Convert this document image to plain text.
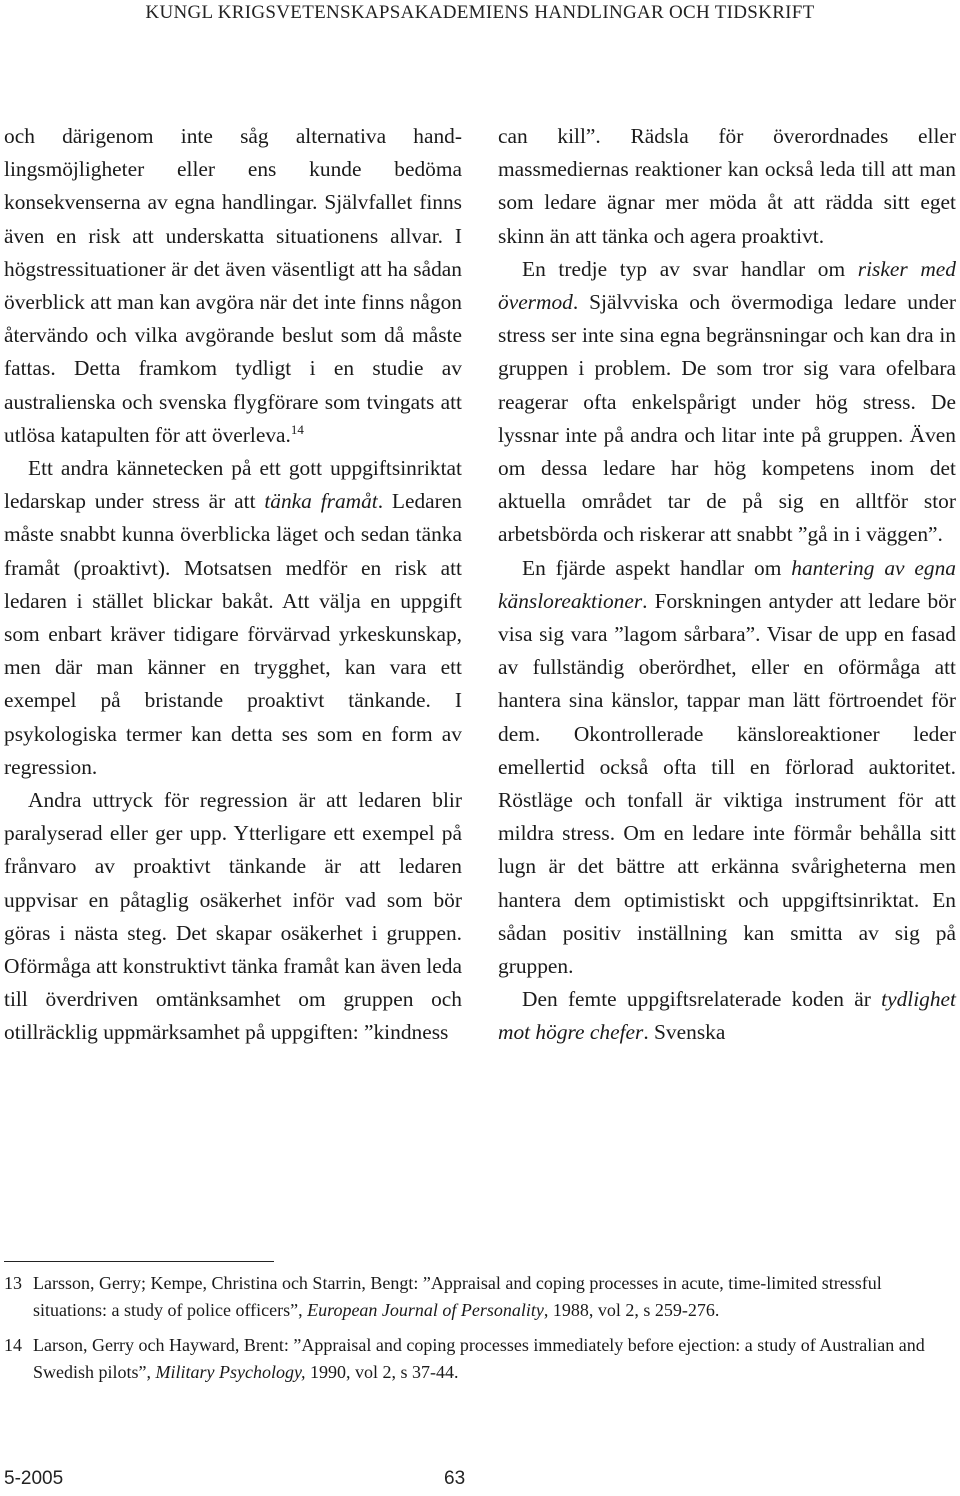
KUNGL KRIGSVETENSKAPSAKADEMIENS HANDLINGAR OCH TIDSKRIFT

och därigenom inte såg alternativa handlingsmöjligheter eller ens kunde bedöma konsekvenserna av egna handlingar. Självfallet finns även en risk att underskatta situationens allvar. I högstressituationer är det även väsentligt att ha sådan överblick att man kan avgöra när det inte finns någon återvändo och vilka avgörande beslut som då måste fattas. Detta framkom tydligt i en studie av australienska och svenska flygförare som tvingats att utlösa katapulten för att överleva.$^{14}$

Ett andra kännetecken på ett gott uppgiftsinriktat ledarskap under stress är att tänka framåt. Ledaren måste snabbt kunna överblicka läget och sedan tänka framåt (proaktivt). Motsatsen medför en risk att ledaren i stället blickar bakåt. Att välja en uppgift som enbart kräver tidigare förvärvad yrkeskunskap, men där man känner en trygghet, kan vara ett exempel på bristande proaktivt tänkande. I psykologiska termer kan detta ses som en form av regression.

Andra uttryck för regression är att ledaren blir paralyserad eller ger upp. Ytterligare ett exempel på frånvaro av proaktivt tänkande är att ledaren uppvisar en påtaglig osäkerhet inför vad som bör göras i nästa steg. Det skapar osäkerhet i gruppen. Oförmåga att konstruktivt tänka framåt kan även leda till överdriven omtänksamhet om gruppen och otillräcklig uppmärksamhet på uppgiften: ”kindness

can kill”. Rädsla för överordnades eller massmediernas reaktioner kan också leda till att man som ledare ägnar mer möda åt att rädda sitt eget skinn än att tänka och agera proaktivt.

En tredje typ av svar handlar om risker med övermod. Självviska och övermodiga ledare under stress ser inte sina egna begränsningar och kan dra in gruppen i problem. De som tror sig vara ofelbara reagerar ofta enkelspårigt under hög stress. De lyssnar inte på andra och litar inte på gruppen. Även om dessa ledare har hög kompetens inom det aktuella området tar de på sig en alltför stor arbetsbörda och riskerar att snabbt ”gå in i väggen”.

En fjärde aspekt handlar om hantering av egna känsloreaktioner. Forskningen antyder att ledare bör visa sig vara ”lagom sårbara”. Visar de upp en fasad av fullständig oberördhet, eller en oförmåga att hantera sina känslor, tappar man lätt förtroendet för dem. Okontrollerade känsloreaktioner leder emellertid också ofta till en förlorad auktoritet. Röstläge och tonfall är viktiga instrument för att mildra stress. Om en ledare inte förmår behålla sitt lugn är det bättre att erkänna svårigheterna men hantera dem optimistiskt och uppgiftsinriktat. En sådan positiv inställning kan smitta av sig på gruppen.

Den femte uppgiftsrelaterade koden är tydlighet mot högre chefer. Svenska

13 Larsson, Gerry; Kempe, Christina och Starrin, Bengt: ”Appraisal and coping processes in acute, time-limited stressful situations: a study of police officers”, European Journal of Personality, 1988, vol 2, s 259-276.
14 Larson, Gerry och Hayward, Brent: ”Appraisal and coping processes immediately before ejection: a study of Australian and Swedish pilots”, Military Psychology, 1990, vol 2, s 37-44.
5-2005	63
